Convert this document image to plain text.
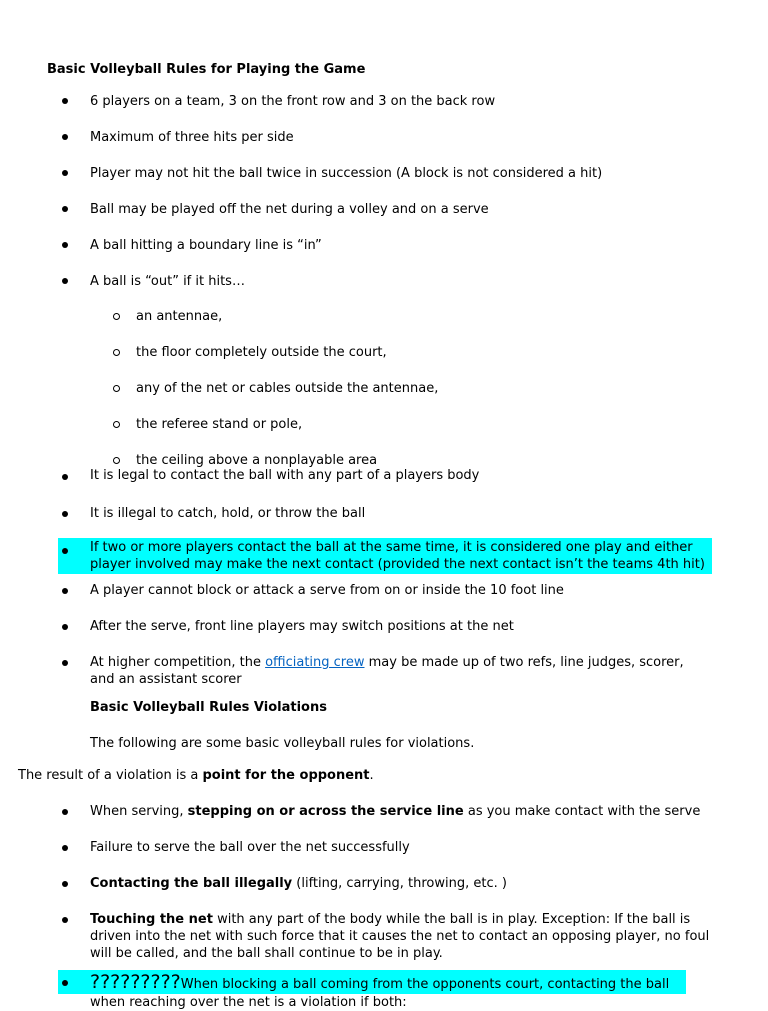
Basic Volleyball Rules for Playing the Game
6 players on a team, 3 on the front row and 3 on the back row
Maximum of three hits per side
Player may not hit the ball twice in succession (A block is not considered a hit)
Ball may be played off the net during a volley and on a serve
A ball hitting a boundary line is “in”
A ball is “out” if it hits…
an antennae,
the floor completely outside the court,
any of the net or cables outside the antennae,
the referee stand or pole,
the ceiling above a nonplayable area
It is legal to contact the ball with any part of a players body
It is illegal to catch, hold, or throw the ball
If two or more players contact the ball at the same time, it is considered one play and either
player involved may make the next contact (provided the next contact isn’t the teams 4th hit)
A player cannot block or attack a serve from on or inside the 10 foot line
After the serve, front line players may switch positions at the net
At higher competition, the officiating crew may be made up of two refs, line judges, scorer,
and an assistant scorer
Basic Volleyball Rules Violations
The following are some basic volleyball rules for violations.
The result of a violation is a point for the opponent.
When serving, stepping on or across the service line as you make contact with the serve
Failure to serve the ball over the net successfully
Contacting the ball illegally (lifting, carrying, throwing, etc. )
Touching the net with any part of the body while the ball is in play. Exception: If the ball is
driven into the net with such force that it causes the net to contact an opposing player, no foul
will be called, and the ball shall continue to be in play.
?????????When blocking a ball coming from the opponents court, contacting the ball
when reaching over the net is a violation if both:
